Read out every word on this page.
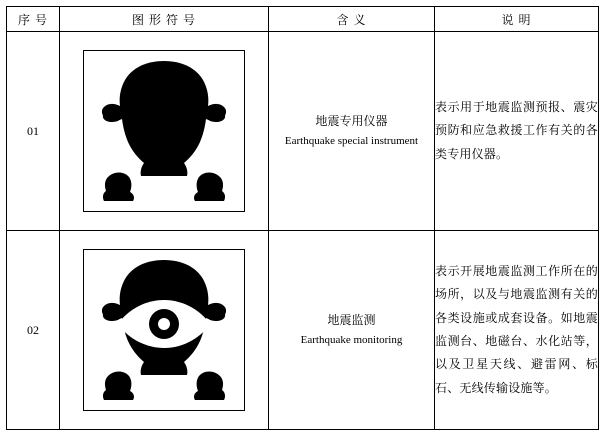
序 号	图 形 符 号	含 义	说 明
01		地震专用仪器
Earthquake special instrument	表示用于地震监测预报、震灾预防和应急救援工作有关的各类专用仪器。

02		地震监测
Earthquake monitoring	表示开展地震监测工作所在的场所，以及与地震监测有关的各类设施或成套设备。如地震监测台、地磁台、水化站等，以及卫星天线、避雷网、标石、无线传输设施等。
